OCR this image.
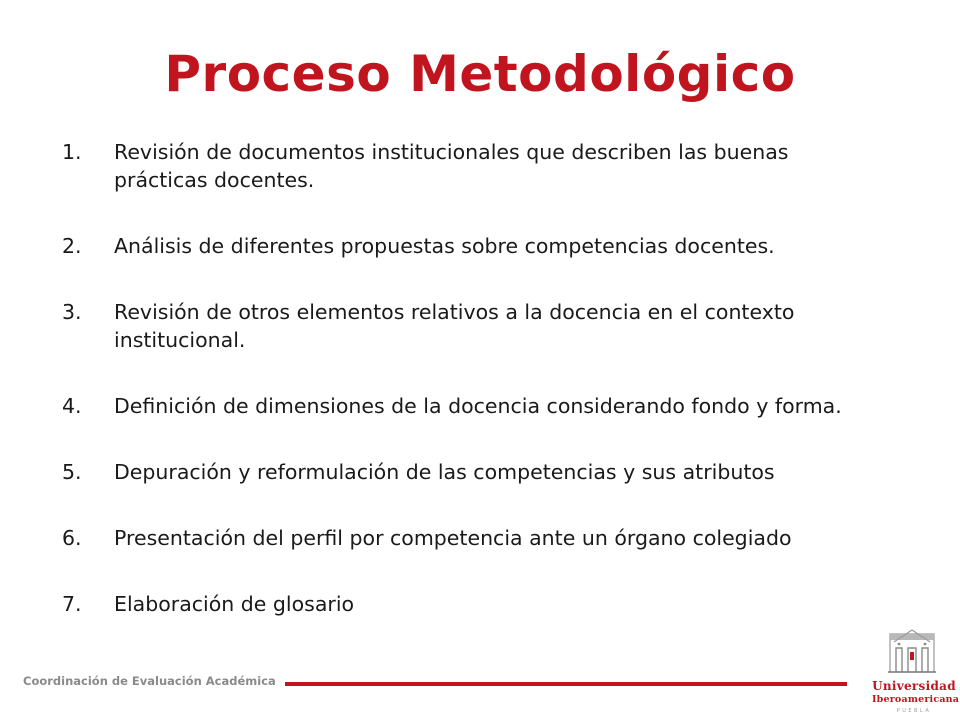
Proceso Metodológico
1.	Revisión de documentos institucionales que describen las buenas prácticas docentes.
2.	Análisis de diferentes propuestas sobre competencias docentes.
3.	Revisión de otros elementos relativos a la docencia en el contexto institucional.
4.	Definición de dimensiones de la docencia considerando fondo y forma.
5.	Depuración y reformulación de las competencias y sus atributos
6.	Presentación del perfil por competencia ante un órgano colegiado
7.	Elaboración de glosario
Coordinación de Evaluación Académica	Universidad
Iberoamericana
PUEBLA
